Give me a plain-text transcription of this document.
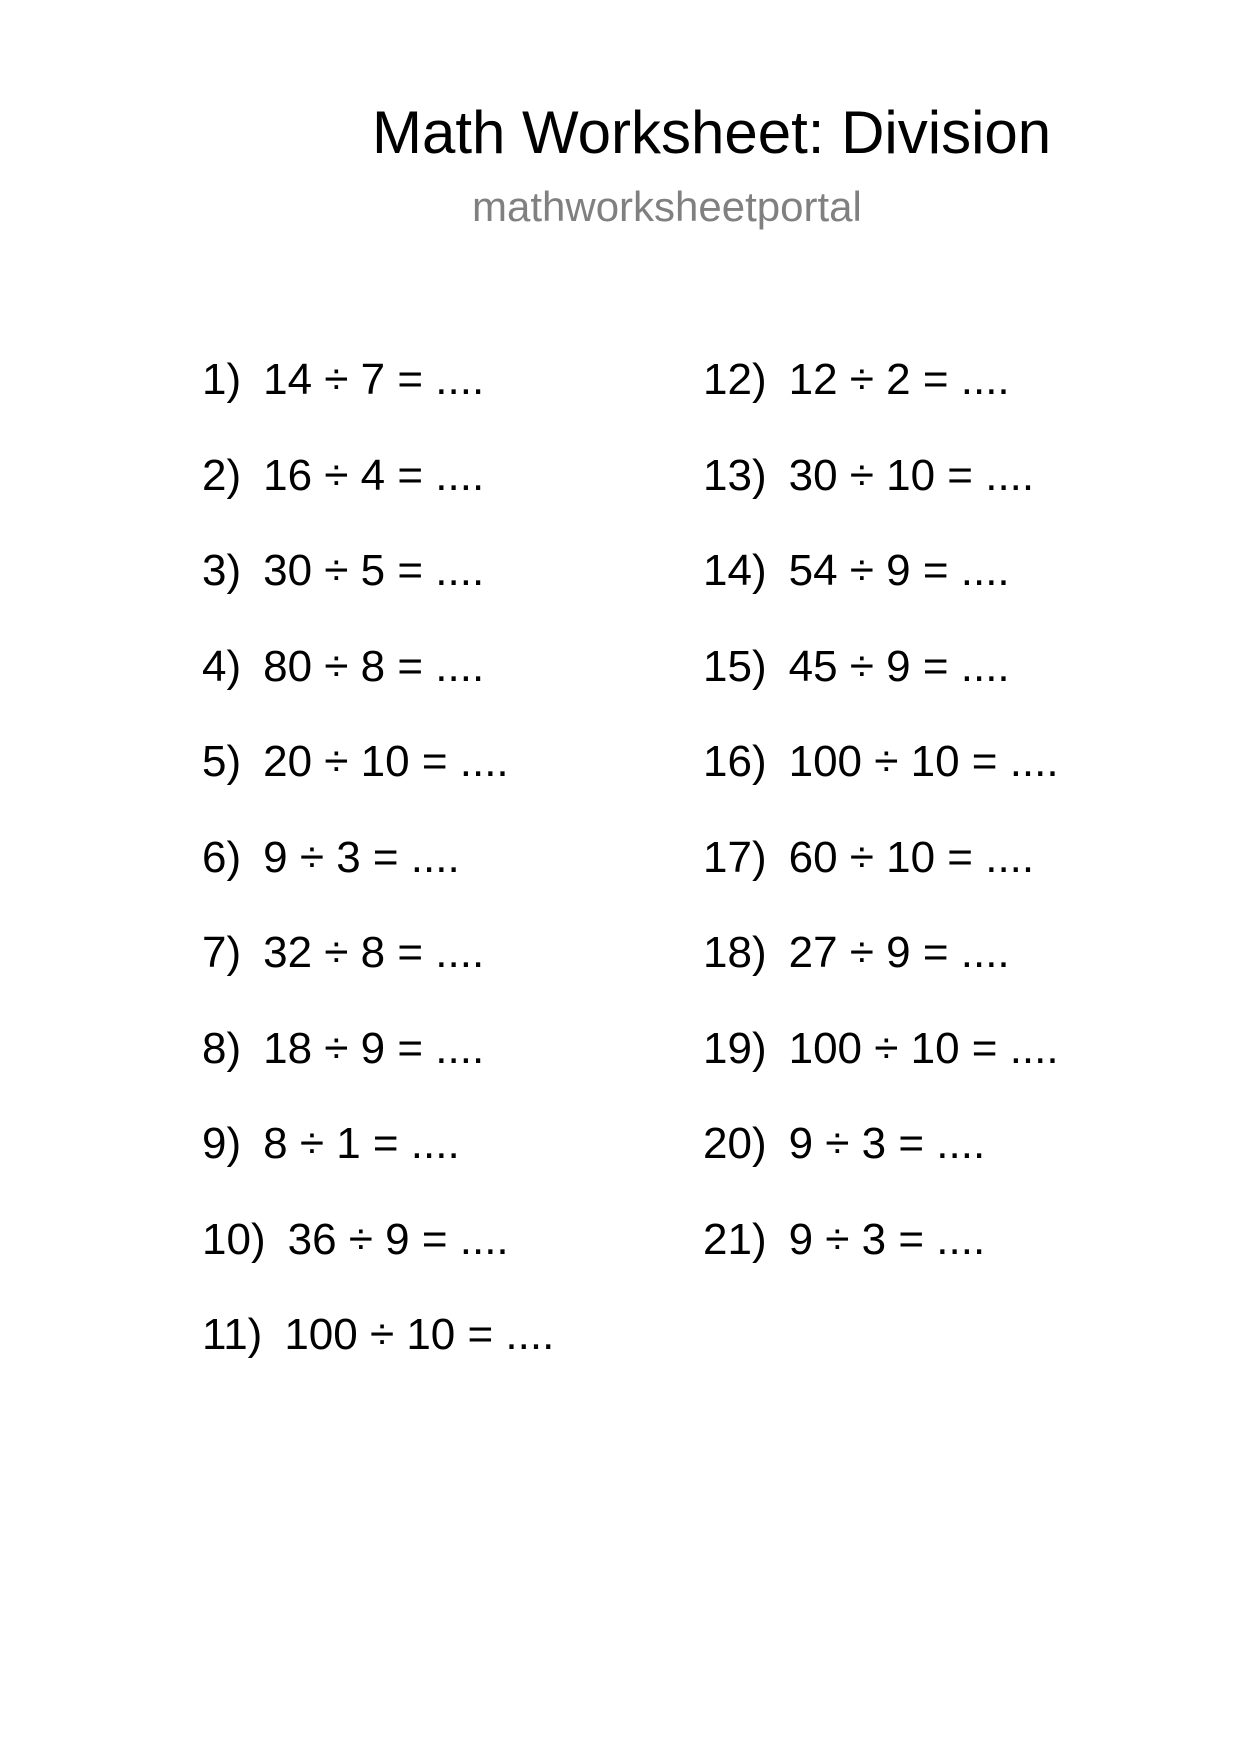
Math Worksheet: Division
mathworksheetportal
1) 14 ÷ 7 = ....
2) 16 ÷ 4 = ....
3) 30 ÷ 5 = ....
4) 80 ÷ 8 = ....
5) 20 ÷ 10 = ....
6) 9 ÷ 3 = ....
7) 32 ÷ 8 = ....
8) 18 ÷ 9 = ....
9) 8 ÷ 1 = ....
10) 36 ÷ 9 = ....
11) 100 ÷ 10 = ....
12) 12 ÷ 2 = ....
13) 30 ÷ 10 = ....
14) 54 ÷ 9 = ....
15) 45 ÷ 9 = ....
16) 100 ÷ 10 = ....
17) 60 ÷ 10 = ....
18) 27 ÷ 9 = ....
19) 100 ÷ 10 = ....
20) 9 ÷ 3 = ....
21) 9 ÷ 3 = ....
